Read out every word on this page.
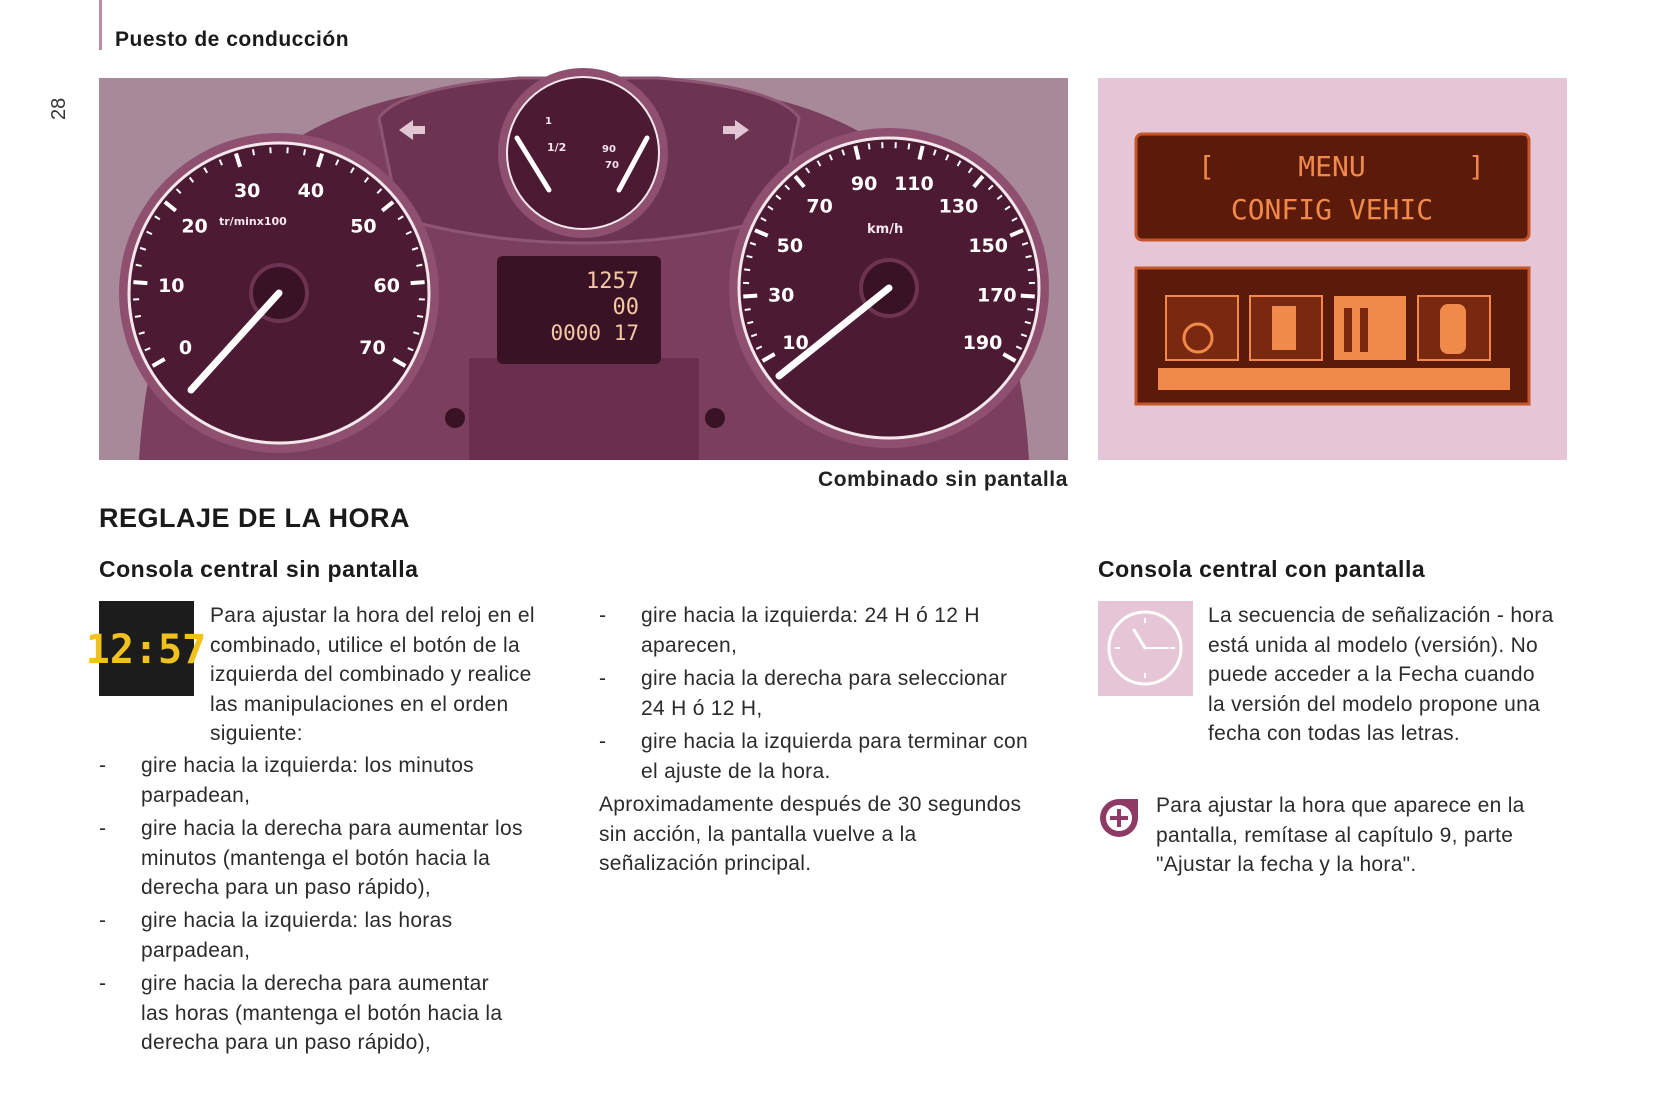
Puesto de conducción
28
tr/minx100
0
10
20
30 40
50
60
70
km/h
10
30
50
70
90 110
130
150
170
190
1/2
1
90
70
1257
00
0000 17
[	MENU	]
CONFIG VEHIC
Combinado sin pantalla
REGLAJE DE LA HORA
Consola central sin pantalla
12:57
Para ajustar la hora del reloj en el
combinado, utilice el botón de la
izquierda del combinado y realice
las manipulaciones en el orden
siguiente:
- gire hacia la izquierda: los minutos
parpadean,
- gire hacia la derecha para aumentar los
minutos (mantenga el botón hacia la
derecha para un paso rápido),
- gire hacia la izquierda: las horas
parpadean,
- gire hacia la derecha para aumentar
las horas (mantenga el botón hacia la
derecha para un paso rápido),
- gire hacia la izquierda: 24 H ó 12 H
aparecen,
- gire hacia la derecha para seleccionar
24 H ó 12 H,
- gire hacia la izquierda para terminar con
el ajuste de la hora.
Aproximadamente después de 30 segundos
sin acción, la pantalla vuelve a la
señalización principal.
Consola central con pantalla
La secuencia de señalización - hora
está unida al modelo (versión). No
puede acceder a la Fecha cuando
la versión del modelo propone una
fecha con todas las letras.
Para ajustar la hora que aparece en la
pantalla, remítase al capítulo 9, parte
"Ajustar la fecha y la hora".
